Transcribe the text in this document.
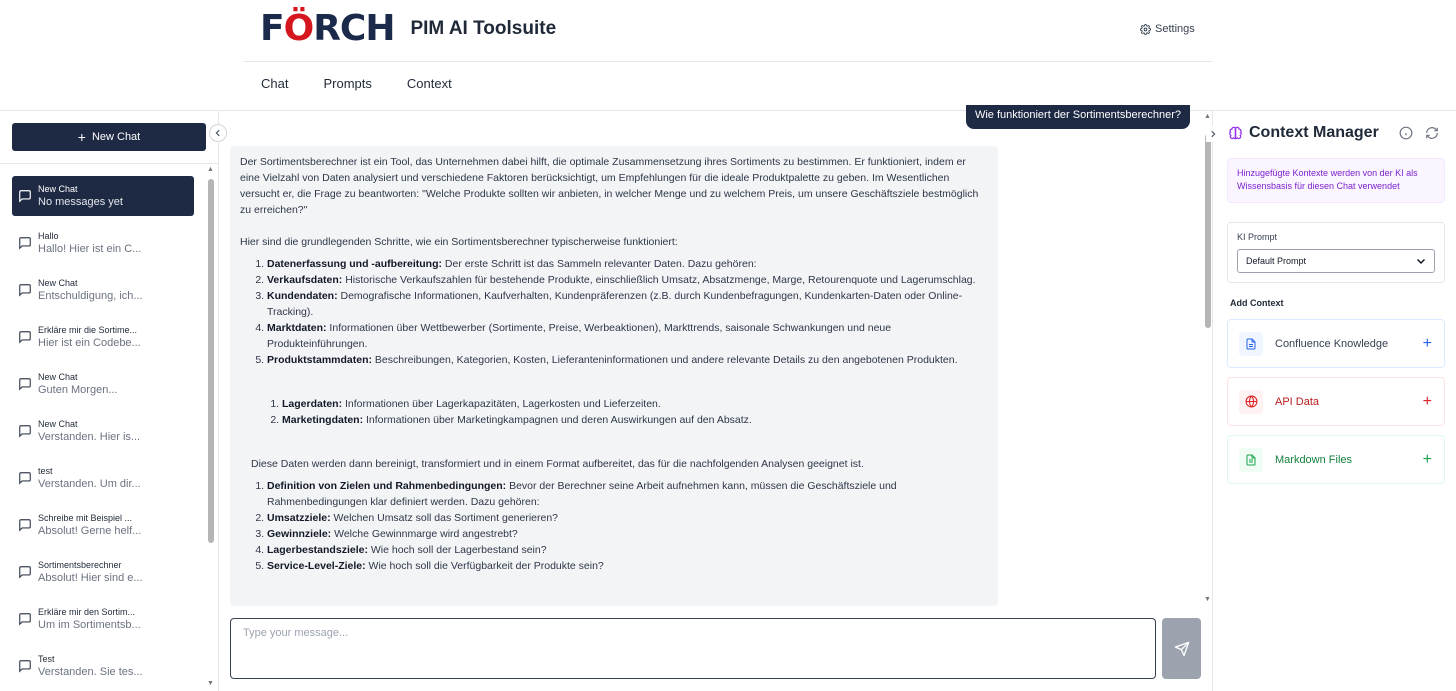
FÖRCH PIM AI Toolsuite	Settings
Chat	Prompts	Context
+ New Chat
New Chat
No messages yet
Hallo
Hallo! Hier ist ein C...
New Chat
Entschuldigung, ich...
Erkläre mir die Sortime...
Hier ist ein Codebe...
New Chat
Guten Morgen...
New Chat
Verstanden. Hier is...
test
Verstanden. Um dir...
Schreibe mit Beispiel ...
Absolut! Gerne helf...
Sortimentsberechner
Absolut! Hier sind e...
Erkläre mir den Sortim...
Um im Sortimentsb...
Test
Verstanden. Sie tes...
▲
▼
Wie funktioniert der Sortimentsberechner?

Der Sortimentsberechner ist ein Tool, das Unternehmen dabei hilft, die optimale Zusammensetzung ihres Sortiments zu bestimmen. Er funktioniert, indem er eine Vielzahl von Daten analysiert und verschiedene Faktoren berücksichtigt, um Empfehlungen für die ideale Produktpalette zu geben. Im Wesentlichen versucht er, die Frage zu beantworten: "Welche Produkte sollten wir anbieten, in welcher Menge und zu welchem Preis, um unsere Geschäftsziele bestmöglich zu erreichen?"

Hier sind die grundlegenden Schritte, wie ein Sortimentsberechner typischerweise funktioniert:
1. Datenerfassung und -aufbereitung: Der erste Schritt ist das Sammeln relevanter Daten. Dazu gehören:
2. Verkaufsdaten: Historische Verkaufszahlen für bestehende Produkte, einschließlich Umsatz, Absatzmenge, Marge, Retourenquote und Lagerumschlag.
3. Kundendaten: Demografische Informationen, Kaufverhalten, Kundenpräferenzen (z.B. durch Kundenbefragungen, Kundenkarten-Daten oder Online-Tracking).
4. Marktdaten: Informationen über Wettbewerber (Sortimente, Preise, Werbeaktionen), Markttrends, saisonale Schwankungen und neue Produkteinführungen.
5. Produktstammdaten: Beschreibungen, Kategorien, Kosten, Lieferanteninformationen und andere relevante Details zu den angebotenen Produkten.
1. Lagerdaten: Informationen über Lagerkapazitäten, Lagerkosten und Lieferzeiten.
2. Marketingdaten: Informationen über Marketingkampagnen und deren Auswirkungen auf den Absatz.
Diese Daten werden dann bereinigt, transformiert und in einem Format aufbereitet, das für die nachfolgenden Analysen geeignet ist.
1. Definition von Zielen und Rahmenbedingungen: Bevor der Berechner seine Arbeit aufnehmen kann, müssen die Geschäftsziele und Rahmenbedingungen klar definiert werden. Dazu gehören:
2. Umsatzziele: Welchen Umsatz soll das Sortiment generieren?
3. Gewinnziele: Welche Gewinnmarge wird angestrebt?
4. Lagerbestandsziele: Wie hoch soll der Lagerbestand sein?
5. Service-Level-Ziele: Wie hoch soll die Verfügbarkeit der Produkte sein?
▲
▼
Type your message...
Context Manager
Hinzugefügte Kontexte werden von der KI als Wissensbasis für diesen Chat verwendet
KI Prompt
Default Prompt
Add Context
Confluence Knowledge	+
API Data	+
Markdown Files	+
